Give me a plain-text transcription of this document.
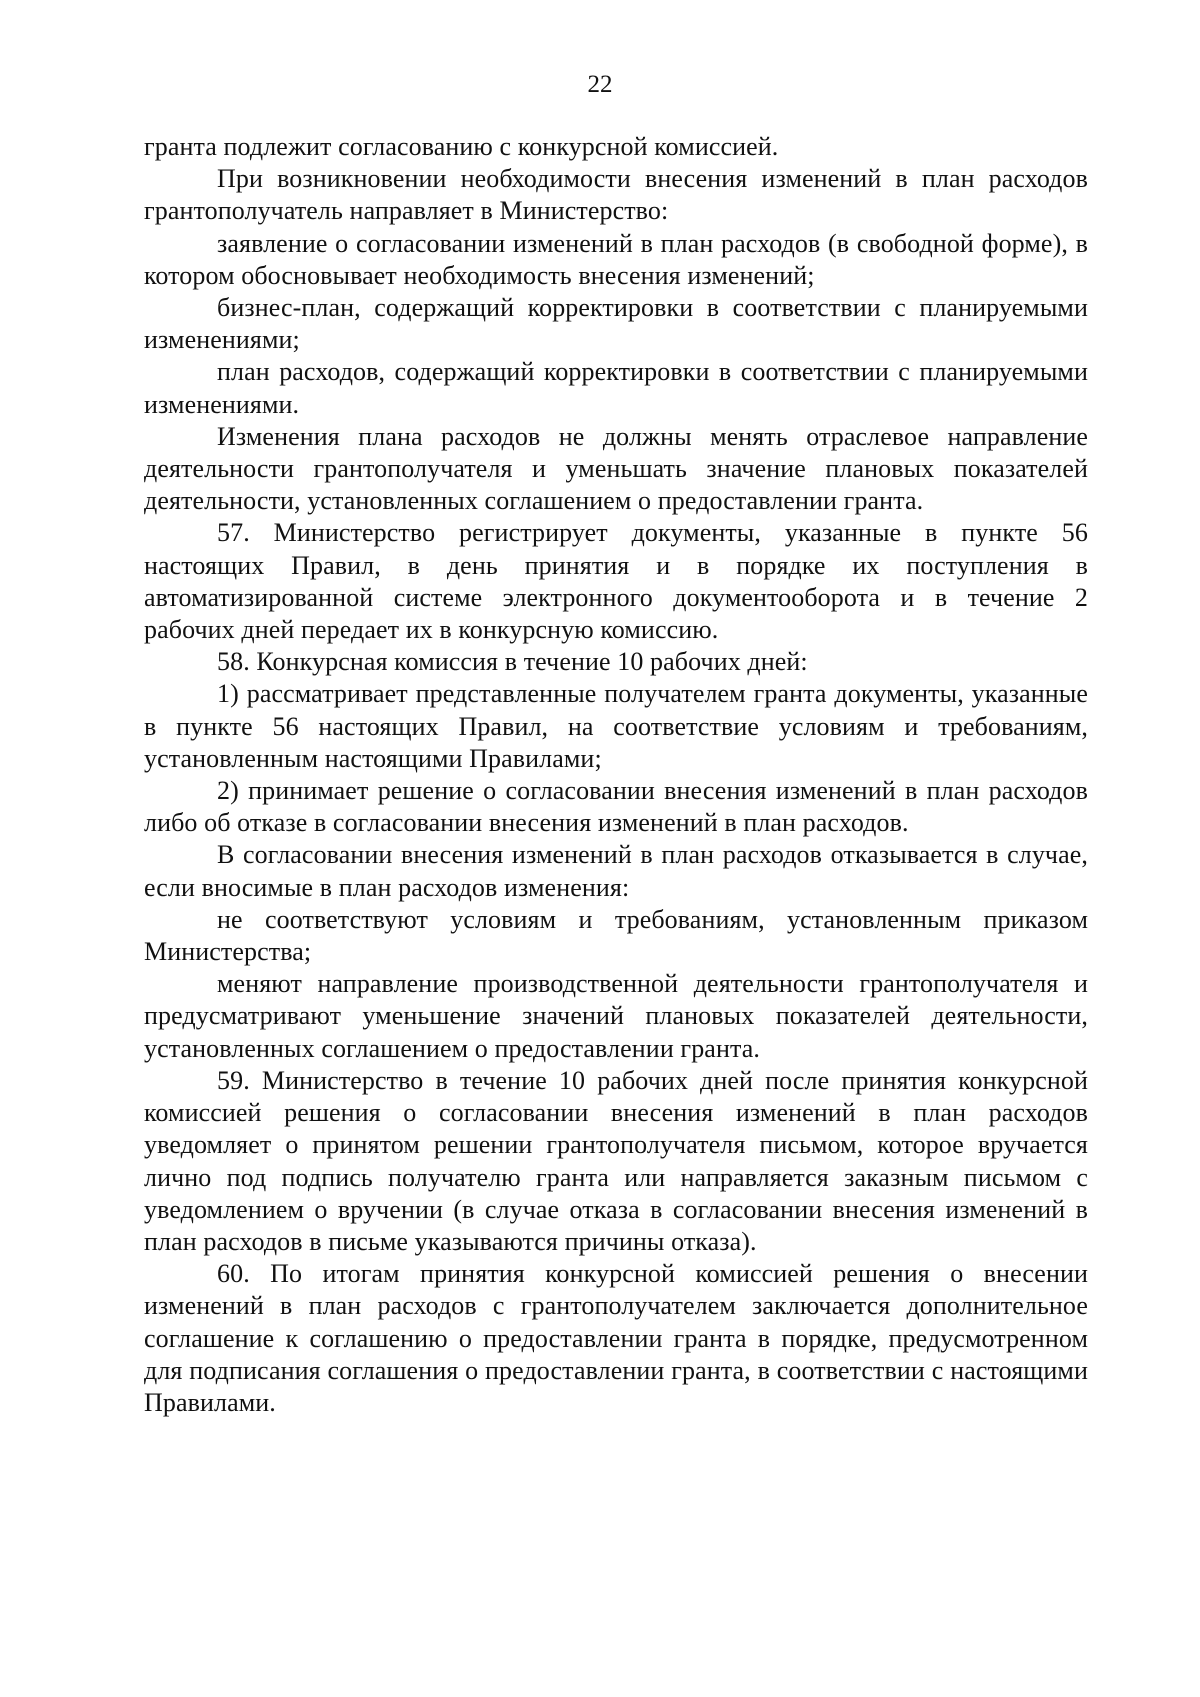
22

гранта подлежит согласованию с конкурсной комиссией.

При возникновении необходимости внесения изменений в план расходов грантополучатель направляет в Министерство:

заявление о согласовании изменений в план расходов (в свободной форме), в котором обосновывает необходимость внесения изменений;

бизнес-план, содержащий корректировки в соответствии с планируемыми изменениями;

план расходов, содержащий корректировки в соответствии с планируемыми изменениями.

Изменения плана расходов не должны менять отраслевое направление деятельности грантополучателя и уменьшать значение плановых показателей деятельности, установленных соглашением о предоставлении гранта.

57. Министерство регистрирует документы, указанные в пункте 56 настоящих Правил, в день принятия и в порядке их поступления в автоматизированной системе электронного документооборота и в течение 2 рабочих дней передает их в конкурсную комиссию.

58. Конкурсная комиссия в течение 10 рабочих дней:

1) рассматривает представленные получателем гранта документы, указанные в пункте 56 настоящих Правил, на соответствие условиям и требованиям, установленным настоящими Правилами;

2) принимает решение о согласовании внесения изменений в план расходов либо об отказе в согласовании внесения изменений в план расходов.

В согласовании внесения изменений в план расходов отказывается в случае, если вносимые в план расходов изменения:

не соответствуют условиям и требованиям, установленным приказом Министерства;

меняют направление производственной деятельности грантополучателя и предусматривают уменьшение значений плановых показателей деятельности, установленных соглашением о предоставлении гранта.

59. Министерство в течение 10 рабочих дней после принятия конкурсной комиссией решения о согласовании внесения изменений в план расходов уведомляет о принятом решении грантополучателя письмом, которое вручается лично под подпись получателю гранта или направляется заказным письмом с уведомлением о вручении (в случае отказа в согласовании внесения изменений в план расходов в письме указываются причины отказа).

60. По итогам принятия конкурсной комиссией решения о внесении изменений в план расходов с грантополучателем заключается дополнительное соглашение к соглашению о предоставлении гранта в порядке, предусмотренном для подписания соглашения о предоставлении гранта, в соответствии с настоящими Правилами.
